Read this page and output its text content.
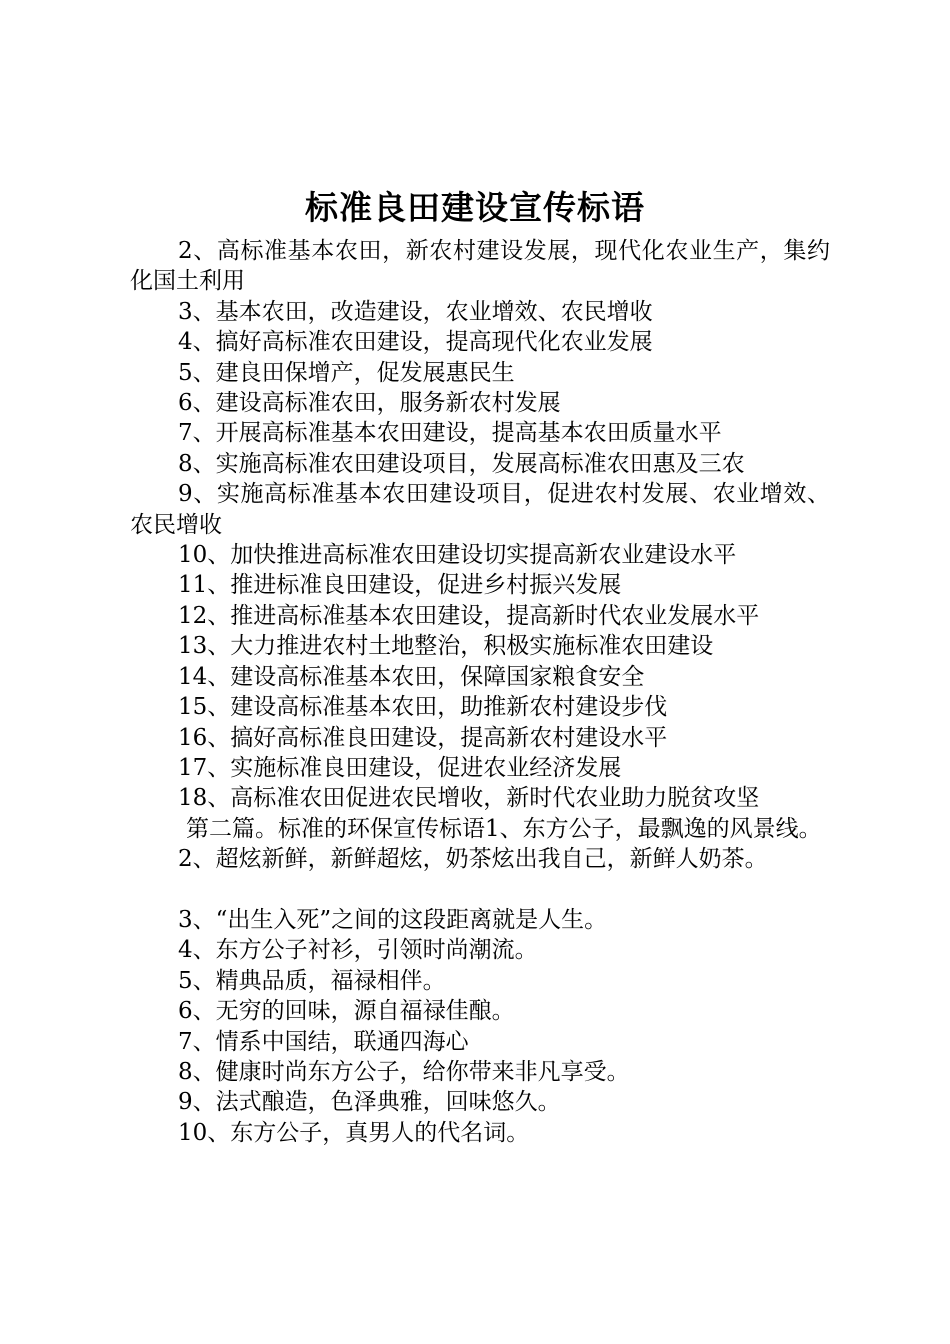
标准良田建设宣传标语

2、高标准基本农田，新农村建设发展，现代化农业生产，集约化国土利用

3、基本农田，改造建设，农业增效、农民增收

4、搞好高标准农田建设，提高现代化农业发展

5、建良田保增产，促发展惠民生

6、建设高标准农田，服务新农村发展

7、开展高标准基本农田建设，提高基本农田质量水平

8、实施高标准农田建设项目，发展高标准农田惠及三农

9、实施高标准基本农田建设项目，促进农村发展、农业增效、农民增收

10、加快推进高标准农田建设切实提高新农业建设水平

11、推进标准良田建设，促进乡村振兴发展

12、推进高标准基本农田建设，提高新时代农业发展水平

13、大力推进农村土地整治，积极实施标准农田建设

14、建设高标准基本农田，保障国家粮食安全

15、建设高标准基本农田，助推新农村建设步伐

16、搞好高标准良田建设，提高新农村建设水平

17、实施标准良田建设，促进农业经济发展

18、高标准农田促进农民增收，新时代农业助力脱贫攻坚

第二篇。标准的环保宣传标语1、东方公子，最飘逸的风景线。

2、超炫新鲜，新鲜超炫，奶茶炫出我自己，新鲜人奶茶。

3、“出生入死”之间的这段距离就是人生。

4、东方公子衬衫，引领时尚潮流。

5、精典品质，福禄相伴。

6、无穷的回味，源自福禄佳酿。

7、情系中国结，联通四海心

8、健康时尚东方公子，给你带来非凡享受。

9、法式酿造，色泽典雅，回味悠久。

10、东方公子，真男人的代名词。
